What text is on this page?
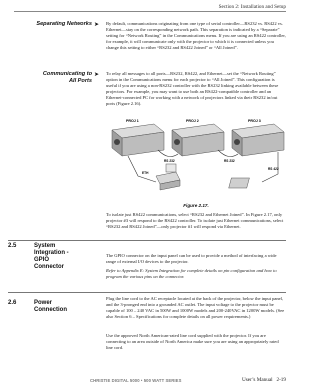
Section 2: Installation and Setup
Separating Networks ➤ By default, communications originating from one type of serial controller—RS232 vs. RS422 vs. Ethernet—stay on the corresponding network path. This separation is indicated by a “Separate” setting for “Network Routing” in the Communications menu. If you are using an RS422 controller, for example, it will communicate only with the projector to which it is connected unless you change this setting to either “RS232 and RS422 Joined” or “All Joined”.
Communicating to
All Ports
➤ To relay all messages to all ports—RS232, RS422, and Ethernet—set the “Network Routing” option in the Communications menu for each projector to “All Joined”. This configuration is useful if you are using a non-RS232 controller with the RS232 linking available between these projectors. For example, you may want to use both an RS422-compatible controller and an Ethernet-connected PC for working with a network of projectors linked via their RS232 in/out ports (Figure 2.16).
PROJ 1	PROJ 2	PROJ 3
RS 232	RS 232
RS 422
ETH
Figure 2.17.
To isolate just RS422 communications, select “RS232 and Ethernet Joined”. In Figure 2.17, only projector #3 will respond to the RS422 controller. To isolate just Ethernet communications, select “RS232 and RS422 Joined”—only projector #1 will respond via Ethernet.
2.5	System
Integration -
GPIO
Connector
The GPIO connector on the input panel can be used to provide a method of interfacing a wide range of external I/O devices to the projector.
Refer to Appendix E: System Integration for complete details on pin configuration and how to program the various pins on the connector.
2.6	Power
Connection
Plug the line cord to the AC receptacle located at the back of the projector, below the input panel, and the 3-pronged end into a grounded AC outlet. The input voltage to the projector must be capable of 100 – 240 VAC in 500W and 1000W models and 200-240VAC in 1200W models. (See also Section 6 – Specifications for complete details on all power requirements.)
Use the approved North American-rated line cord supplied with the projector. If you are connecting to an area outside of North America make sure you are using an appropriately rated line cord.
CHRISTIE DIGITAL 5000 • 500 WATT SERIES	User’s Manual 2-19
